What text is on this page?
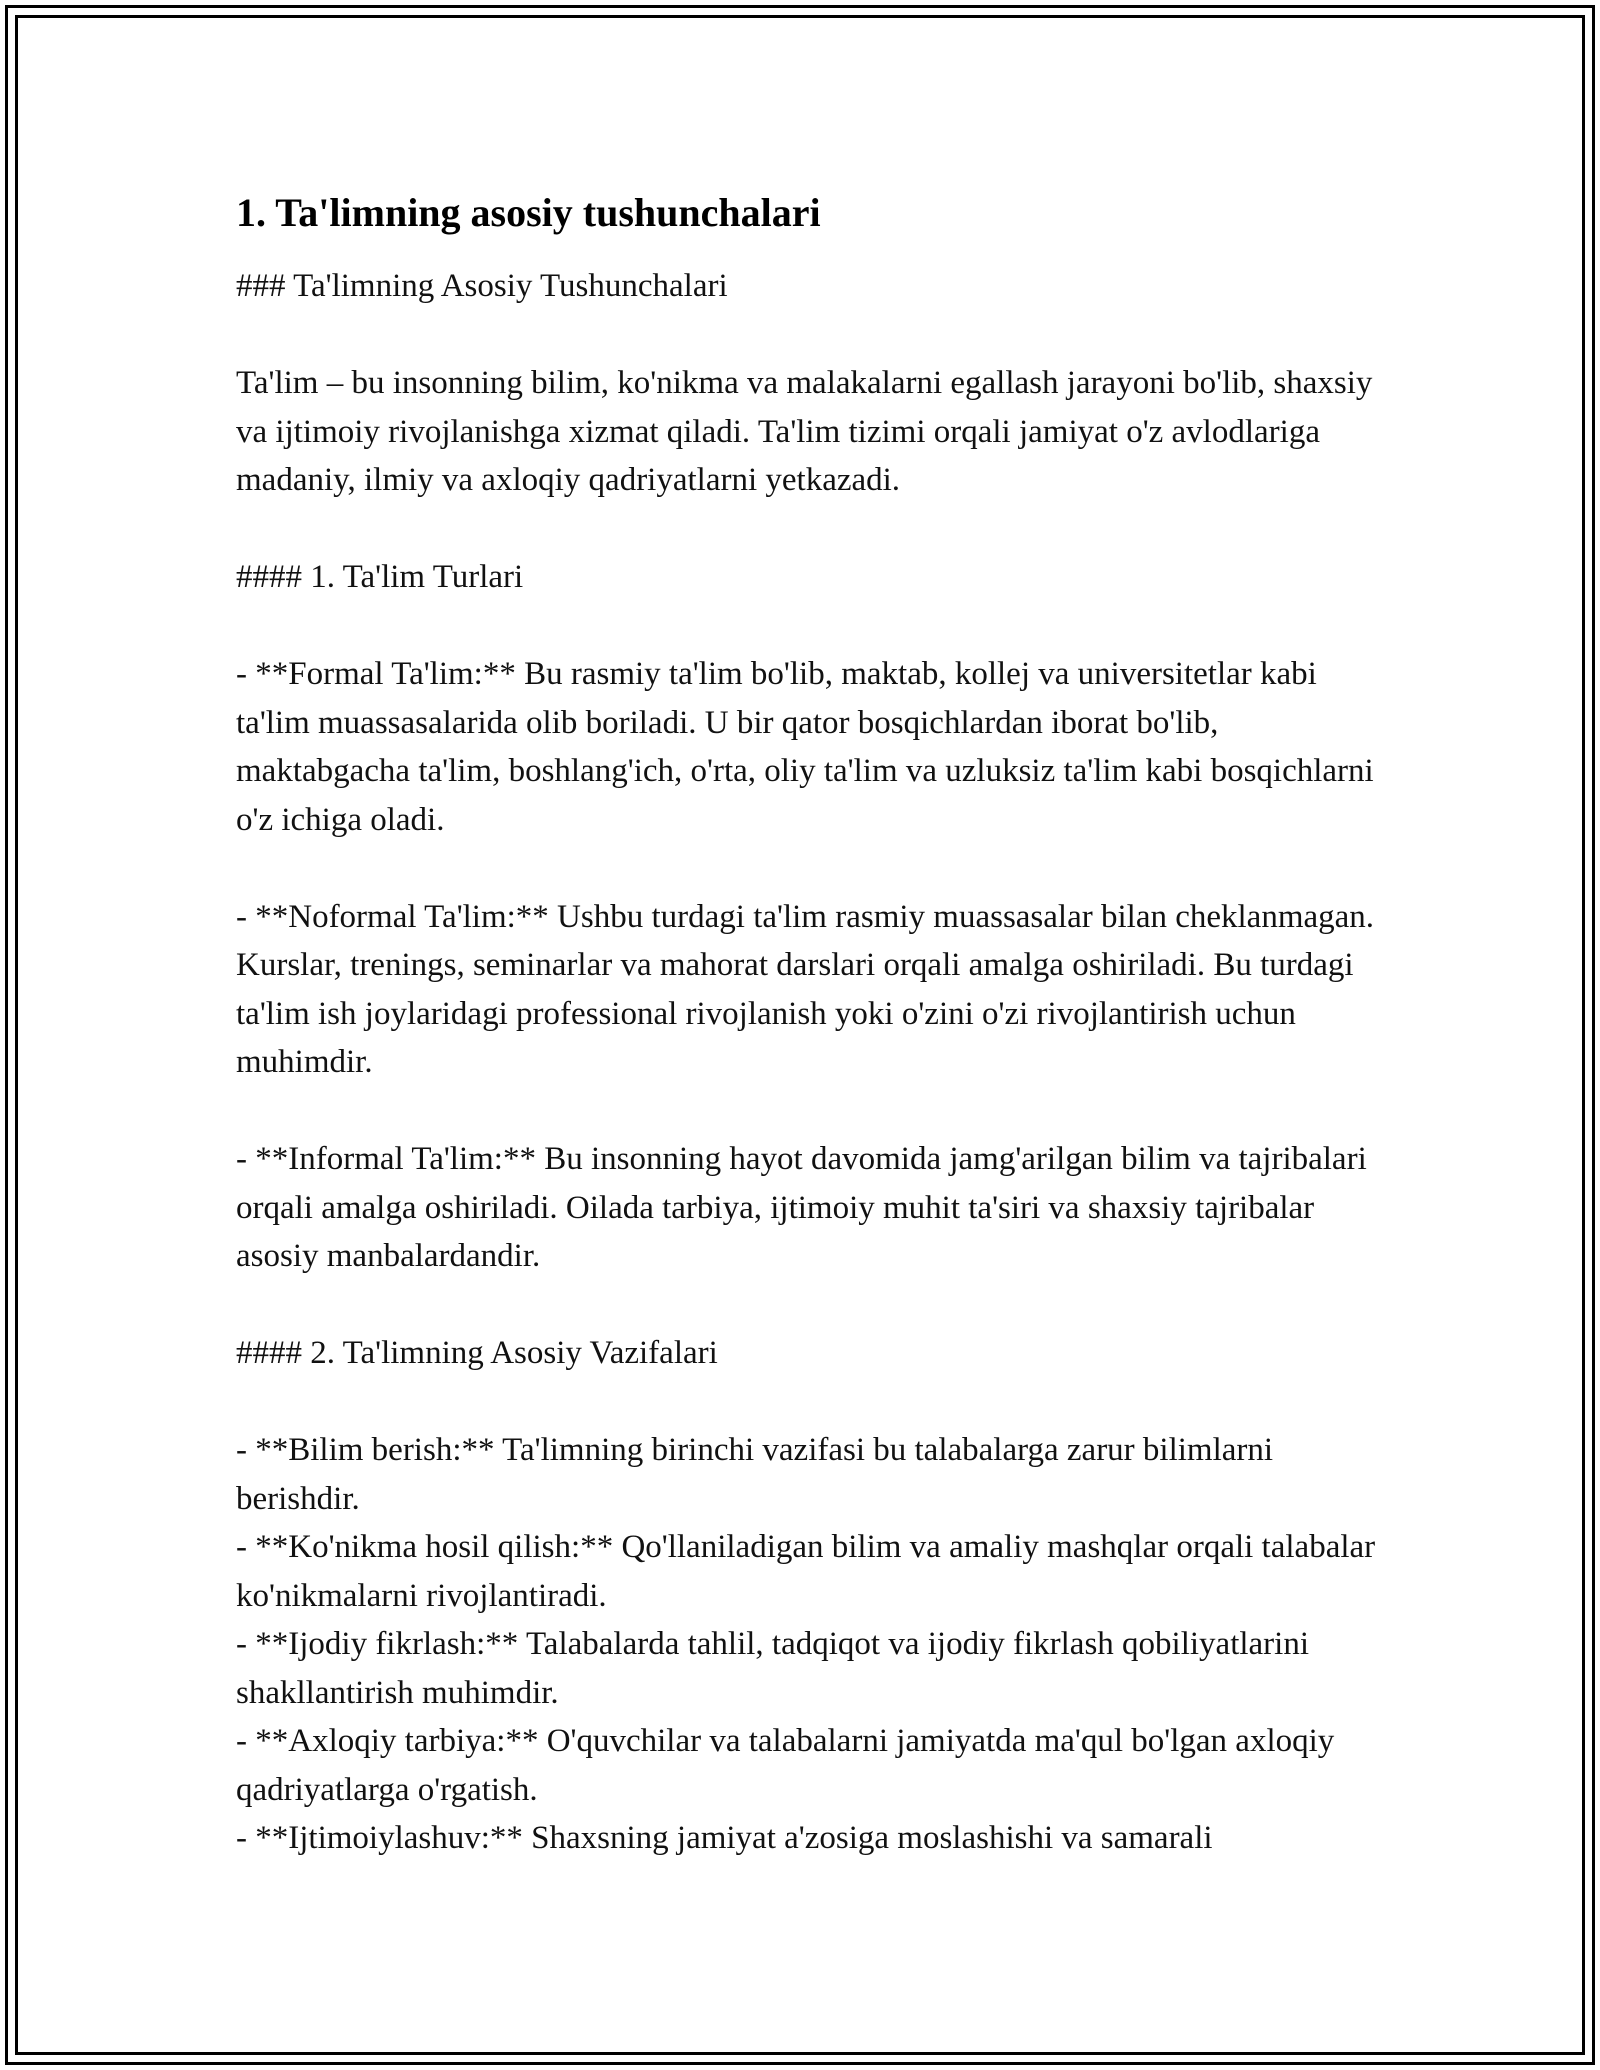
1. Ta'limning asosiy tushunchalari

### Ta'limning Asosiy Tushunchalari

Ta'lim – bu insonning bilim, ko'nikma va malakalarni egallash jarayoni bo'lib, shaxsiy va ijtimoiy rivojlanishga xizmat qiladi. Ta'lim tizimi orqali jamiyat o'z avlodlariga madaniy, ilmiy va axloqiy qadriyatlarni yetkazadi.

#### 1. Ta'lim Turlari

- **Formal Ta'lim:** Bu rasmiy ta'lim bo'lib, maktab, kollej va universitetlar kabi ta'lim muassasalarida olib boriladi. U bir qator bosqichlardan iborat bo'lib, maktabgacha ta'lim, boshlang'ich, o'rta, oliy ta'lim va uzluksiz ta'lim kabi bosqichlarni o'z ichiga oladi.

- **Noformal Ta'lim:** Ushbu turdagi ta'lim rasmiy muassasalar bilan cheklanmagan. Kurslar, trenings, seminarlar va mahorat darslari orqali amalga oshiriladi. Bu turdagi ta'lim ish joylaridagi professional rivojlanish yoki o'zini o'zi rivojlantirish uchun muhimdir.

- **Informal Ta'lim:** Bu insonning hayot davomida jamg'arilgan bilim va tajribalari orqali amalga oshiriladi. Oilada tarbiya, ijtimoiy muhit ta'siri va shaxsiy tajribalar asosiy manbalardandir.

#### 2. Ta'limning Asosiy Vazifalari

- **Bilim berish:** Ta'limning birinchi vazifasi bu talabalarga zarur bilimlarni berishdir.

- **Ko'nikma hosil qilish:** Qo'llaniladigan bilim va amaliy mashqlar orqali talabalar ko'nikmalarni rivojlantiradi.

- **Ijodiy fikrlash:** Talabalarda tahlil, tadqiqot va ijodiy fikrlash qobiliyatlarini shakllantirish muhimdir.

- **Axloqiy tarbiya:** O'quvchilar va talabalarni jamiyatda ma'qul bo'lgan axloqiy qadriyatlarga o'rgatish.

- **Ijtimoiylashuv:** Shaxsning jamiyat a'zosiga moslashishi va samarali
